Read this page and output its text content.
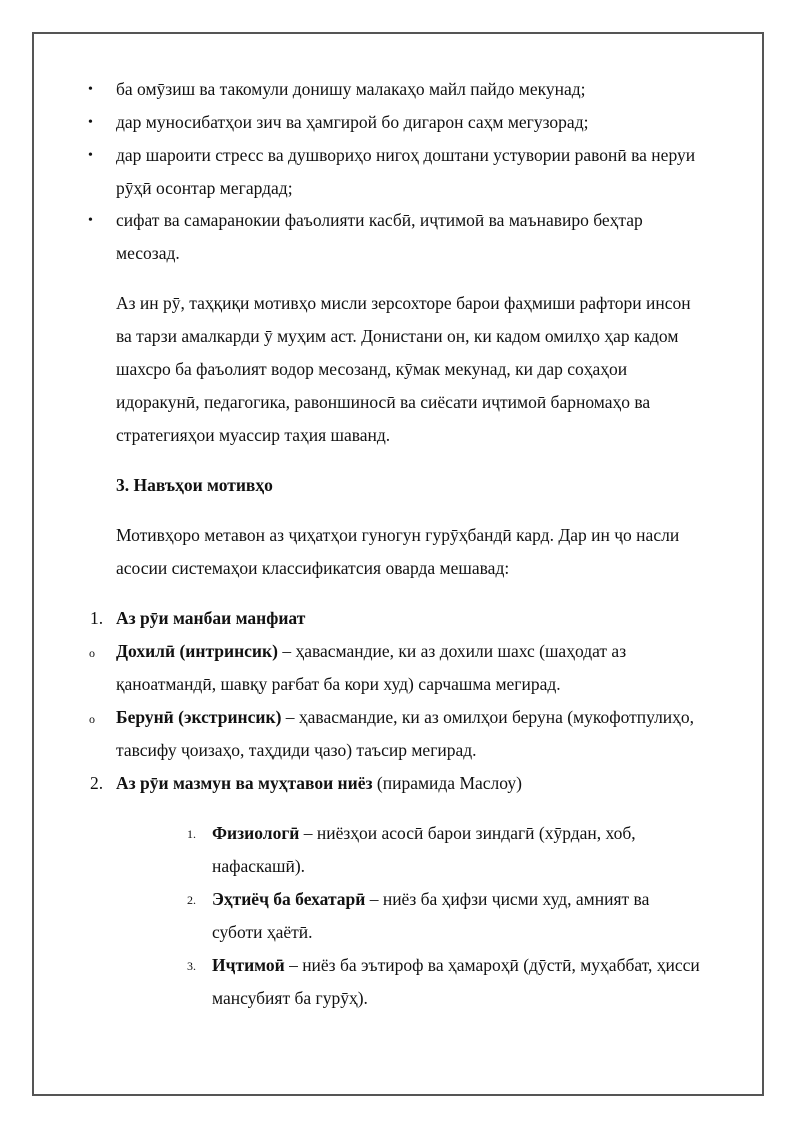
• ба омӯзиш ва такомули донишу малакаҳо майл пайдо мекунад;
• дар муносибатҳои зич ва ҳамгирой бо дигарон саҳм мегузорад;
• дар шароити стресс ва душвориҳо нигоҳ доштани устувории равонӣ ва неруи
рӯҳӣ осонтар мегардад;
• сифат ва самаранокии фаъолияти касбӣ, иҷтимоӣ ва маънавиро беҳтар
месозад.
Аз ин рӯ, таҳқиқи мотивҳо мисли зерсохторе барои фаҳмиши рафтори инсон
ва тарзи амалкарди ӯ муҳим аст. Донистани он, ки кадом омилҳо ҳар кадом
шахсро ба фаъолият водор месозанд, кӯмак мекунад, ки дар соҳаҳои
идоракунӣ, педагогика, равоншиносӣ ва сиёсати иҷтимоӣ барномаҳо ва
стратегияҳои муассир таҳия шаванд.
3. Навъҳои мотивҳо
Мотивҳоро метавон аз ҷиҳатҳои гуногун гурӯҳбандӣ кард. Дар ин ҷо насли
асосии системаҳои классификатсия оварда мешавад:
1. Аз рӯи манбаи манфиат
o Дохилӣ (интринсик) – ҳавасмандие, ки аз дохили шахс (шаҳодат аз
қаноатмандӣ, шавқу рағбат ба кори худ) сарчашма мегирад.
o Берунӣ (экстринсик) – ҳавасмандие, ки аз омилҳои беруна (мукофотпулиҳо,
тавсифу ҷоизаҳо, таҳдиди ҷазо) таъсир мегирад.
2. Аз рӯи мазмун ва муҳтавои ниёз (пирамида Маслоу)
1. Физиологӣ – ниёзҳои асосӣ барои зиндагӣ (хӯрдан, хоб,
нафаскашӣ).
2. Эҳтиёҷ ба бехатарӣ – ниёз ба ҳифзи ҷисми худ, амният ва
суботи ҳаётӣ.
3. Иҷтимоӣ – ниёз ба эътироф ва ҳамароҳӣ (дӯстӣ, муҳаббат, ҳисси
мансубият ба гурӯҳ).
